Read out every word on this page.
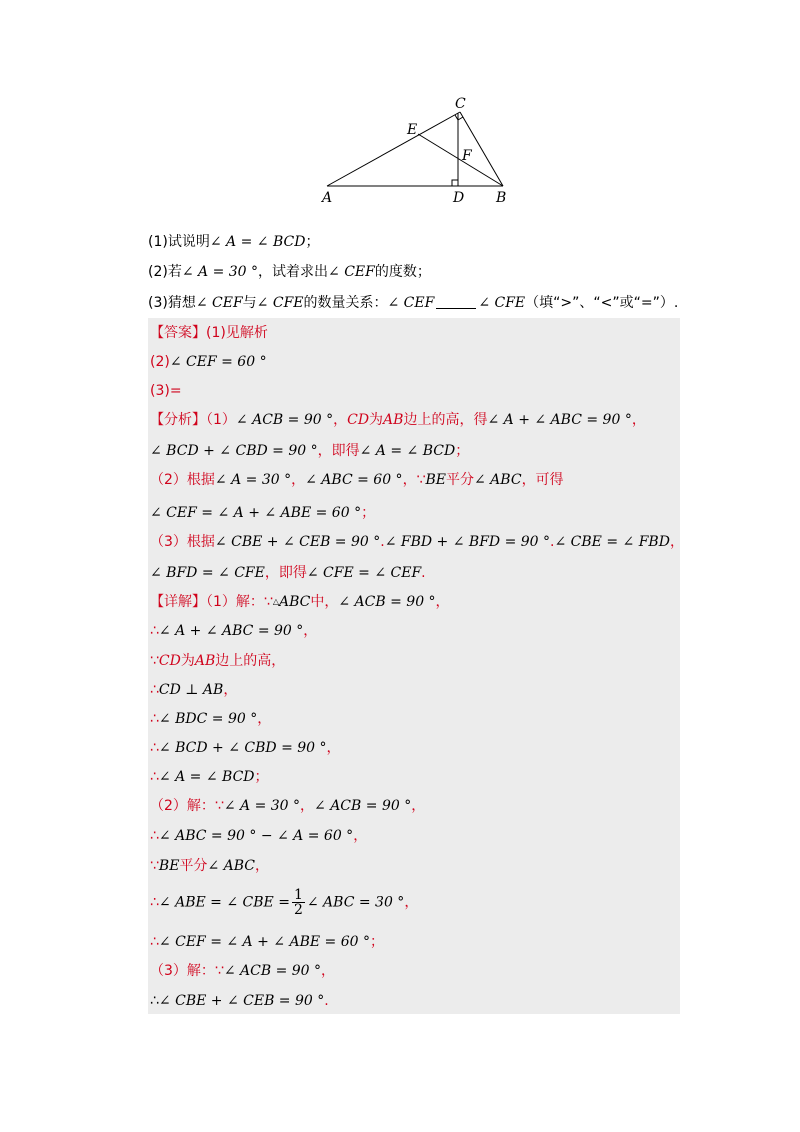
A	B
C
D
E
F
(1)试说明∠ A = ∠ BCD；
(2)若∠ A = 30 °，试着求出∠ CEF的度数；
(3)猜想∠ CEF与∠ CFE的数量关系：∠ CEF	∠ CFE（填“>”、“<”或“=”）.
【答案】(1)见解析
(2)∠ CEF = 60 °
(3)=
【分析】（1）∠ ACB = 90 °，CD为AB边上的高，得∠ A + ∠ ABC = 90 °，
∠ BCD + ∠ CBD = 90 °，即得∠ A = ∠ BCD；
（2）根据∠ A = 30 °，∠ ABC = 60 °，∵BE平分∠ ABC，可得
∠ CEF = ∠ A + ∠ ABE = 60 °；
（3）根据∠ CBE + ∠ CEB = 90 °.∠ FBD + ∠ BFD = 90 °.∠ CBE = ∠ FBD，
∠ BFD = ∠ CFE，即得∠ CFE = ∠ CEF.
【详解】（1）解：∵△ABC中，∠ ACB = 90 °，
∴∠ A + ∠ ABC = 90 °，
∵CD为AB边上的高，
∴CD ⊥ AB，
∴∠ BDC = 90 °，
∴∠ BCD + ∠ CBD = 90 °，
∴∠ A = ∠ BCD；
（2）解：∵∠ A = 30 °，∠ ACB = 90 °，
∴∠ ABC = 90 ° − ∠ A = 60 °，
∵BE平分∠ ABC，
∴∠ ABE = ∠ CBE = $\frac{1}{2}$ ∠ ABC = 30 °，
∴∠ CEF = ∠ A + ∠ ABE = 60 °；
（3）解：∵∠ ACB = 90 °，
∴∠ CBE + ∠ CEB = 90 °.
